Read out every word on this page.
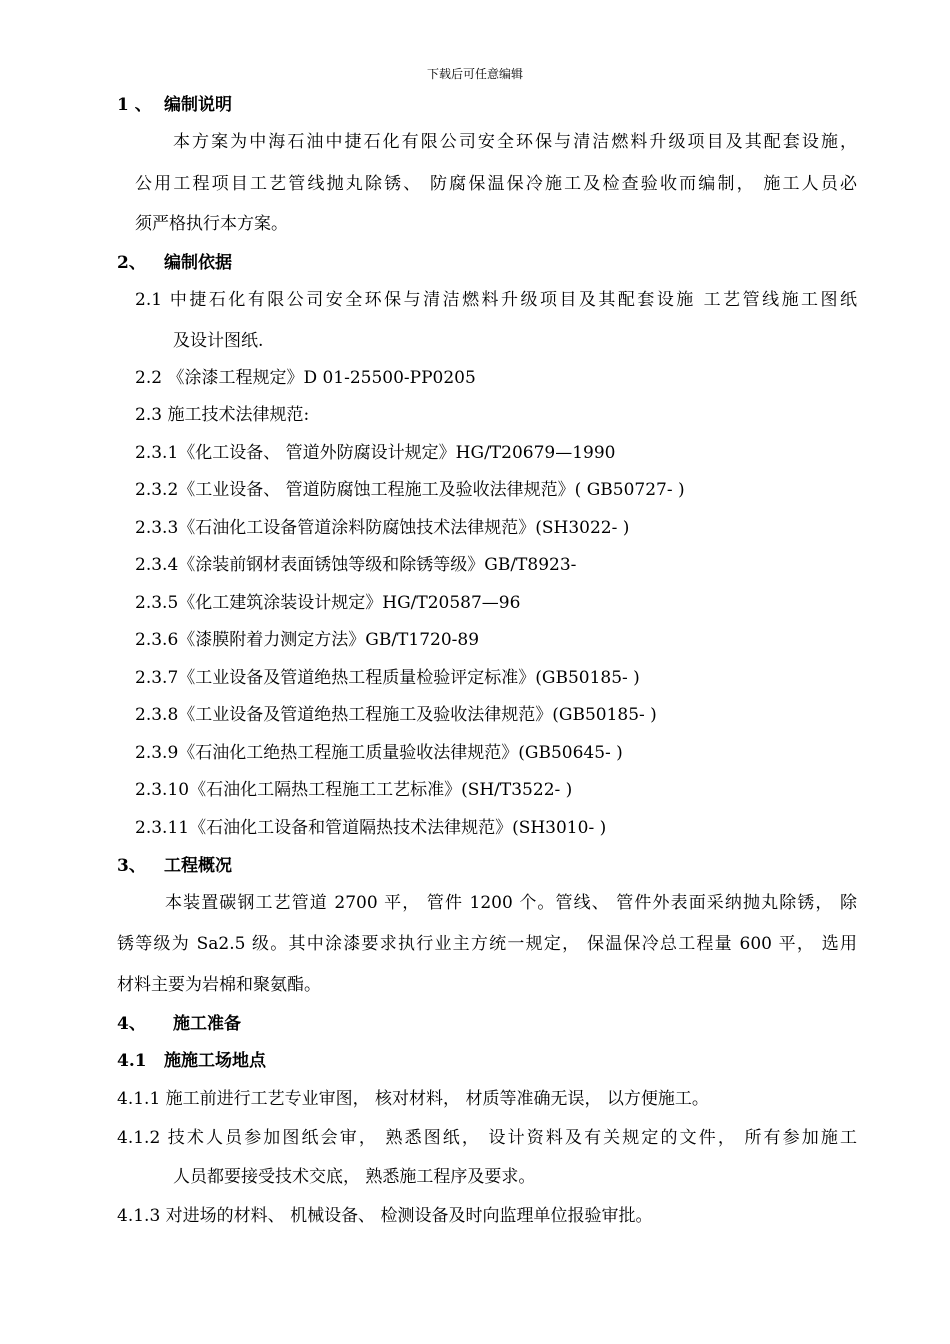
下载后可任意编辑
1 、 编制说明
本方案为中海石油中捷石化有限公司安全环保与清洁燃料升级项目及其配套设施，
公用工程项目工艺管线抛丸除锈、 防腐保温保冷施工及检查验收而编制， 施工人员必
须严格执行本方案。
2、 编制依据
2.1 中捷石化有限公司安全环保与清洁燃料升级项目及其配套设施 工艺管线施工图纸
及设计图纸.
2.2 《涂漆工程规定》D 01-25500-PP0205
2.3 施工技术法律规范:
2.3.1《化工设备、 管道外防腐设计规定》HG/T20679—1990
2.3.2《工业设备、 管道防腐蚀工程施工及验收法律规范》( GB50727- )
2.3.3《石油化工设备管道涂料防腐蚀技术法律规范》(SH3022- )
2.3.4《涂装前钢材表面锈蚀等级和除锈等级》GB/T8923-
2.3.5《化工建筑涂装设计规定》HG/T20587—96
2.3.6《漆膜附着力测定方法》GB/T1720-89
2.3.7《工业设备及管道绝热工程质量检验评定标准》(GB50185- )
2.3.8《工业设备及管道绝热工程施工及验收法律规范》(GB50185- )
2.3.9《石油化工绝热工程施工质量验收法律规范》(GB50645- )
2.3.10《石油化工隔热工程施工工艺标准》(SH/T3522- )
2.3.11《石油化工设备和管道隔热技术法律规范》(SH3010- )
3、 工程概况
本装置碳钢工艺管道 2700 平， 管件 1200 个。管线、 管件外表面采纳抛丸除锈， 除
锈等级为 Sa2.5 级。其中涂漆要求执行业主方统一规定， 保温保冷总工程量 600 平， 选用
材料主要为岩棉和聚氨酯。
4、 施工准备
4.1 施施工场地点
4.1.1 施工前进行工艺专业审图， 核对材料， 材质等准确无误， 以方便施工。
4.1.2 技术人员参加图纸会审， 熟悉图纸， 设计资料及有关规定的文件， 所有参加施工
人员都要接受技术交底， 熟悉施工程序及要求。
4.1.3 对进场的材料、 机械设备、 检测设备及时向监理单位报验审批。
